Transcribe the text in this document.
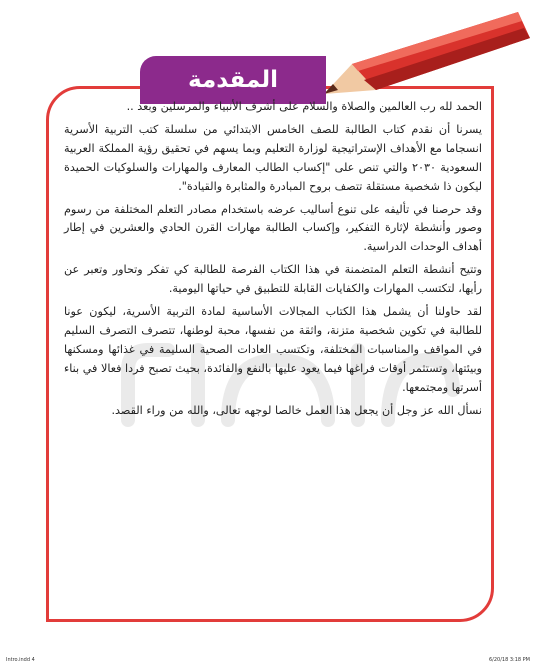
المقدمة

الحمد لله رب العالمين والصلاة والسلام على أشرف الأنبياء والمرسلين وبعد ..

يسرنا أن نقدم كتاب الطالبة للصف الخامس الابتدائي من سلسلة كتب التربية الأسرية انسجاما مع الأهداف الإستراتيجية لوزارة التعليم وبما يسهم في تحقيق رؤية المملكة العربية السعودية ٢٠٣٠ والتي تنص على "إكساب الطالب المعارف والمهارات والسلوكيات الحميدة ليكون ذا شخصية مستقلة تتصف بروح المبادرة والمثابرة والقيادة".

وقد حرصنا في تأليفه على تنوع أساليب عرضه باستخدام مصادر التعلم المختلفة من رسوم وصور وأنشطة لإثارة التفكير، وإكساب الطالبة مهارات القرن الحادي والعشرين في إطار أهداف الوحدات الدراسية.

وتتيح أنشطة التعلم المتضمنة في هذا الكتاب الفرصة للطالبة كي تفكر وتحاور وتعبر عن رأيها، لتكتسب المهارات والكفايات القابلة للتطبيق في حياتها اليومية.

لقد حاولنا أن يشمل هذا الكتاب المجالات الأساسية لمادة التربية الأسرية، ليكون عونا للطالبة في تكوين شخصية متزنة، واثقة من نفسها، محبة لوطنها، تتصرف التصرف السليم في المواقف والمناسبات المختلفة، وتكتسب العادات الصحية السليمة في غذائها ومسكنها وبيئتها، وتستثمر أوقات فراغها فيما يعود عليها بالنفع والفائدة، بحيث تصبح فردا فعالا في بناء أسرتها ومجتمعها.

نسأل الله عز وجل أن يجعل هذا العمل خالصا لوجهه تعالى، والله من وراء القصد.

Intro.indd 4	6/20/18 3:18 PM
